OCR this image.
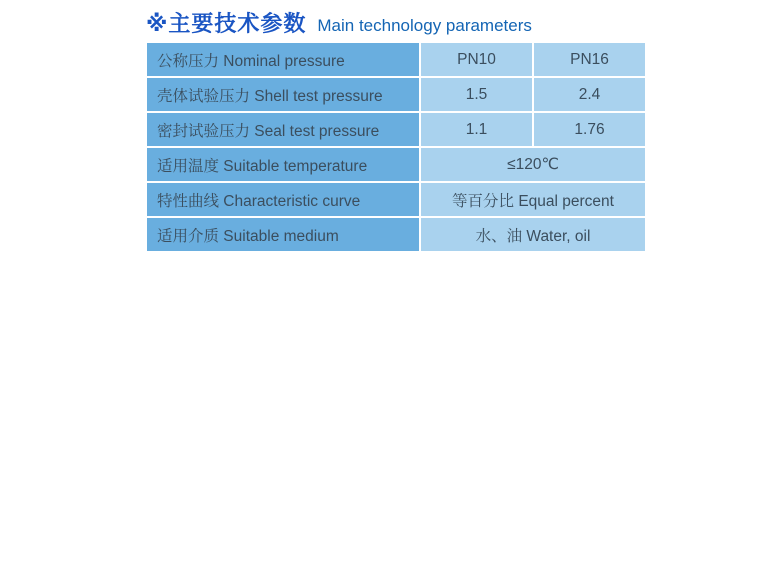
※主要技术参数 Main technology parameters
公称压力 Nominal pressure	PN10	PN16
壳体试验压力 Shell test pressure	1.5	2.4
密封试验压力 Seal test pressure	1.1	1.76
适用温度 Suitable temperature	≤120℃	
特性曲线 Characteristic curve	等百分比 Equal percent	
适用介质 Suitable medium	水、油 Water, oil	
